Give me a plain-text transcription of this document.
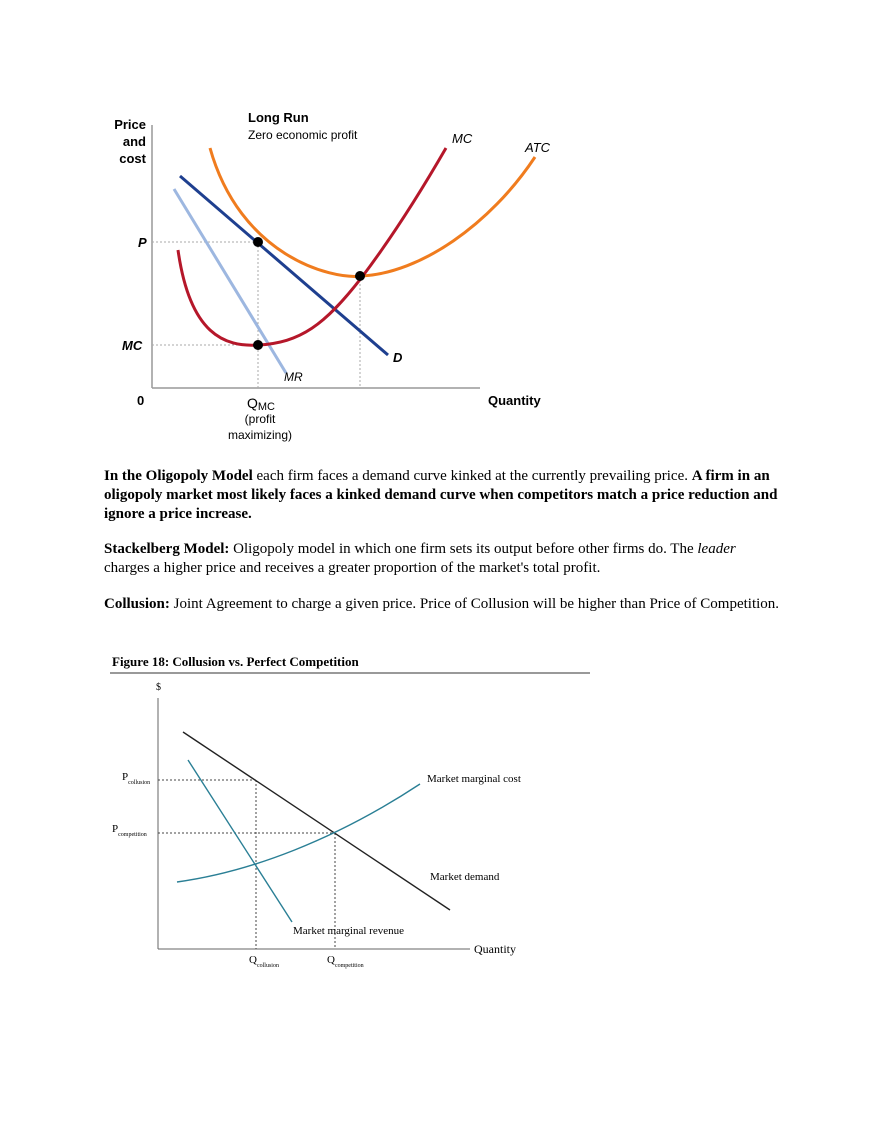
Price
and
cost
Long Run
Zero economic profit
P
MC
0	Quantity
QMC
(profit
maximizing)
MC
ATC
D
MR

In the Oligopoly Model each firm faces a demand curve kinked at the currently prevailing price. A firm in an oligopoly market most likely faces a kinked demand curve when competitors match a price reduction and ignore a price increase.

Stackelberg Model: Oligopoly model in which one firm sets its output before other firms do. The leader charges a higher price and receives a greater proportion of the market's total profit.

Collusion: Joint Agreement to charge a given price. Price of Collusion will be higher than Price of Competition.

Figure 18: Collusion vs. Perfect Competition
$
Quantity
$P_{collusion}$
$P_{competition}$
$Q_{collusion}$	$Q_{competition}$
Market marginal cost
Market demand
Market marginal revenue
